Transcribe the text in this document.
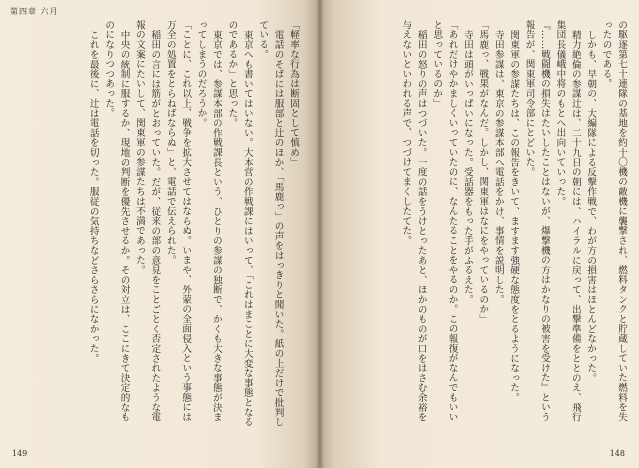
第四章 六月

「軽率な行為は断固として慎め」

電話のそばには服部と辻のほか、「馬鹿っ」の声をはっきりと聞いた。紙の上だけで批判している。

東京へも書いてはいない。大本営の作戦課にはいって、「これはまことに大変な事態となるのであるか」と思った。

東京では、参謀本部の作戦課長という、ひとりの参謀の独断で、かくも大きな事態が決まってしまうのだろうか。

「ことに、これ以上、戦争を拡大させてはならぬ。いまや、外蒙の全面侵入という事態には万全の処置をとらねばならぬ」と、電話で伝えられた。

稲田の言には筋がとおっていた。だが、従来の部の意見をことごとく否定されたような電報の文案にたいして、関東軍の参謀たちは不満であった。

中央の統制に服するか、現地の判断を優先させるか。その対立は、ここにきて決定的なものになりつつあった。

これを最後に、辻は電話を切った。服従の気持ちなどさらさらになかった。

149

の駆逐第七十連隊の基地を約十〇機の敵機に襲撃され、燃料タンクと貯蔵していた燃料を失ったのである。

しかも、早朝の、大編隊による反撃作戦で、わが方の損害はほとんどなかった。

精力絶倫の参謀辻は、二十九日の朝には、ハイラルに戻って、出撃準備をととのえ、飛行集団長儀峨中将のもとへ出向いていった。

『……戦闘機の損失はたいしたことはないが、爆撃機の方はかなりの被害を受けた』という報告が、関東軍司令部にとどいた。

関東軍の参謀たちは、この報告をきいて、ますます強硬な態度をとるようになった。

寺田参謀は、東京の参謀本部へ電話をかけ、事情を説明した。

「馬鹿っ、戦果がなんだ。しかし、関東軍はなにをやっているのか」

寺田は頭がいっぱいになった。受話器をもった手がふるえた。

「あれだけやかましくいっていたのに、なんたることをやるのか。この報復がなんでもいいと思っているのか」

稲田の怒りの声はつづいた。一度の話をうけとったあと、ほかのものが口をはさむ余裕を与えないといわれる声で、つづけてまくしたてた。

148
